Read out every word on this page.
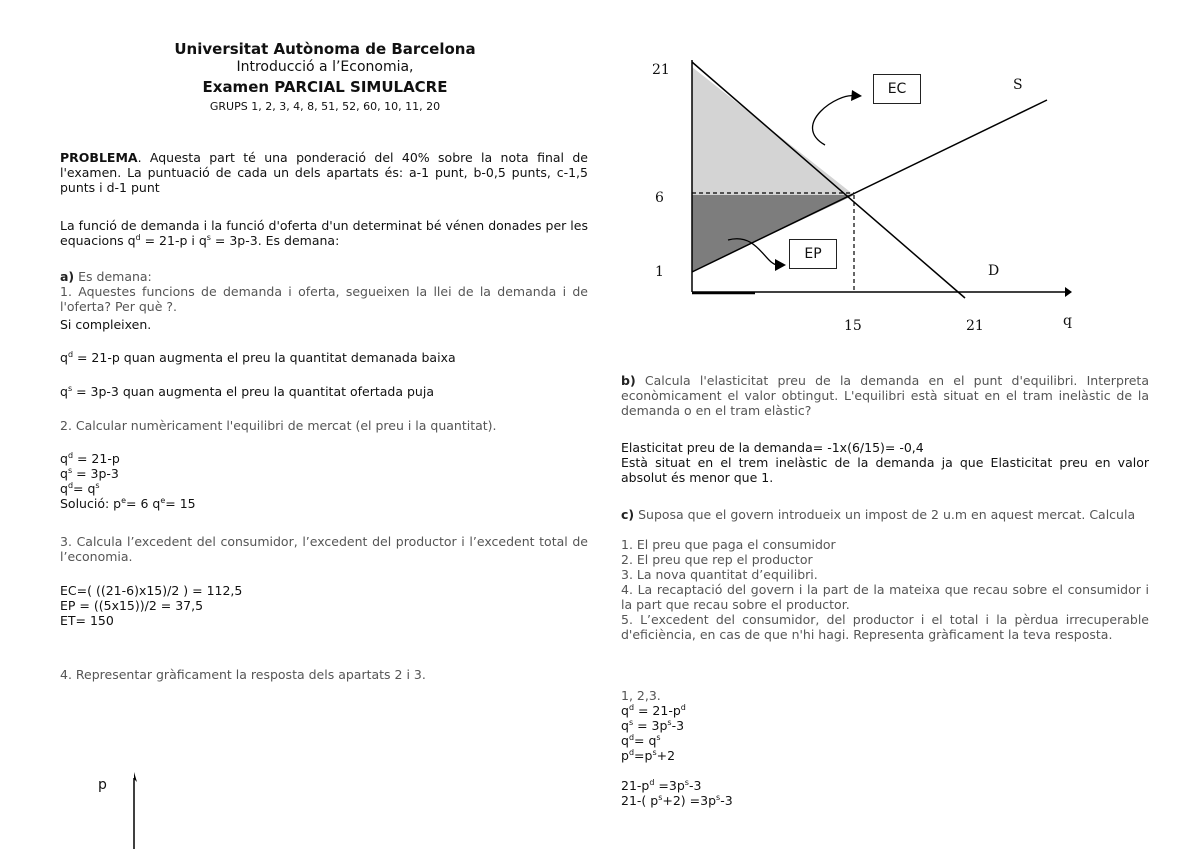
Universitat Autònoma de Barcelona
Introducció a l’Economia,
Examen PARCIAL SIMULACRE
GRUPS 1, 2, 3, 4, 8, 51, 52, 60, 10, 11, 20

PROBLEMA. Aquesta part té una ponderació del 40% sobre la nota final de l'examen. La puntuació de cada un dels apartats és: a-1 punt, b-0,5 punts, c-1,5 punts i d-1 punt

La funció de demanda i la funció d'oferta d'un determinat bé vénen donades per les equacions $q^d = 21-p$ i $q^s = 3p-3$. Es demana:

a) Es demana:

1. Aquestes funcions de demanda i oferta, segueixen la llei de la demanda i de l'oferta? Per què ?.

Si compleixen.

$q^d = 21-p$ quan augmenta el preu la quantitat demanada baixa

$q^s = 3p-3$ quan augmenta el preu la quantitat ofertada puja

2. Calcular numèricament l'equilibri de mercat (el preu i la quantitat).

$q^d = 21-p$
$q^s = 3p-3$
$q^d= q^s$
Solució: $p^e= 6$ $q^e= 15$

3. Calcula l’excedent del consumidor, l’excedent del productor i l’excedent total de l’economia.

EC=( ((21-6)x15)/2 ) = 112,5
EP = ((5x15))/2 = 37,5
ET= 150

4. Representar gràficament la resposta dels apartats 2 i 3.

p
EC
EP
21
6
1
15	21	q
S
D

b) Calcula l'elasticitat preu de la demanda en el punt d'equilibri. Interpreta econòmicament el valor obtingut. L'equilibri està situat en el tram inelàstic de la demanda o en el tram elàstic?

Elasticitat preu de la demanda= -1x(6/15)= -0,4

Està situat en el trem inelàstic de la demanda ja que Elasticitat preu en valor absolut és menor que 1.

c) Suposa que el govern introdueix un impost de 2 u.m en aquest mercat. Calcula

1. El preu que paga el consumidor
2. El preu que rep el productor
3. La nova quantitat d’equilibri.
4. La recaptació del govern i la part de la mateixa que recau sobre el consumidor i la part que recau sobre el productor.
5. L’excedent del consumidor, del productor i el total i la pèrdua irrecuperable d'eficiència, en cas de que n'hi hagi. Representa gràficament la teva resposta.
1, 2,3.
$q^d = 21-p^d$
$q^s = 3p^s-3$
$q^d= q^s$
$p^d=p^s+2$
$21-p^d =3p^s-3$
21-( $p^s+2) =3p^s-3$
